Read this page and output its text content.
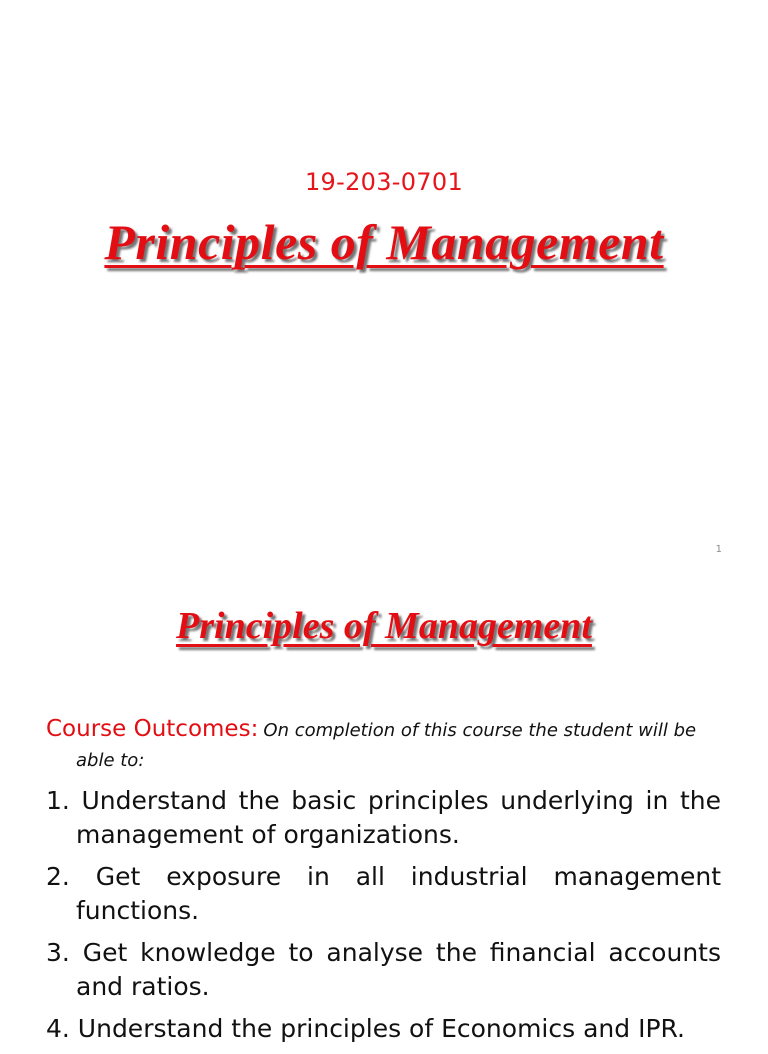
19-203-0701
Principles of Management
1
Principles of Management
Course Outcomes: On completion of this course the student will be able to:
1. Understand the basic principles underlying in the management of organizations.
2. Get exposure in all industrial management functions.
3. Get knowledge to analyse the financial accounts and ratios.
4. Understand the principles of Economics and IPR.
